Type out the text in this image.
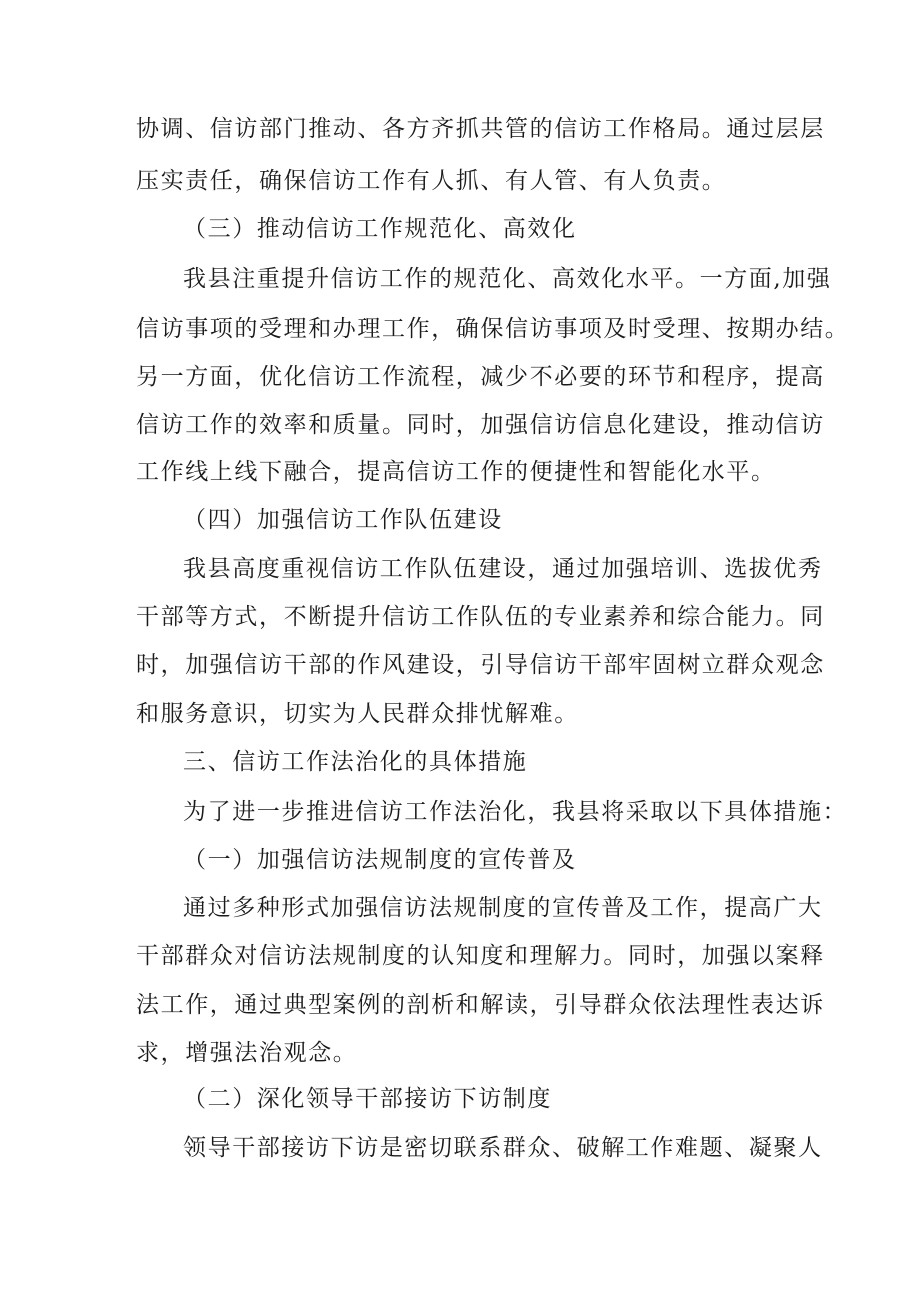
协调、信访部门推动、各方齐抓共管的信访工作格局。通过层层

压实责任，确保信访工作有人抓、有人管、有人负责。

（三）推动信访工作规范化、高效化

我县注重提升信访工作的规范化、高效化水平。一方面,加强

信访事项的受理和办理工作，确保信访事项及时受理、按期办结。

另一方面，优化信访工作流程，减少不必要的环节和程序，提高

信访工作的效率和质量。同时，加强信访信息化建设，推动信访

工作线上线下融合，提高信访工作的便捷性和智能化水平。

（四）加强信访工作队伍建设

我县高度重视信访工作队伍建设，通过加强培训、选拔优秀

干部等方式，不断提升信访工作队伍的专业素养和综合能力。同

时，加强信访干部的作风建设，引导信访干部牢固树立群众观念

和服务意识，切实为人民群众排忧解难。

三、信访工作法治化的具体措施

为了进一步推进信访工作法治化，我县将采取以下具体措施：

（一）加强信访法规制度的宣传普及

通过多种形式加强信访法规制度的宣传普及工作，提高广大

干部群众对信访法规制度的认知度和理解力。同时，加强以案释

法工作，通过典型案例的剖析和解读，引导群众依法理性表达诉

求，增强法治观念。

（二）深化领导干部接访下访制度

领导干部接访下访是密切联系群众、破解工作难题、凝聚人
